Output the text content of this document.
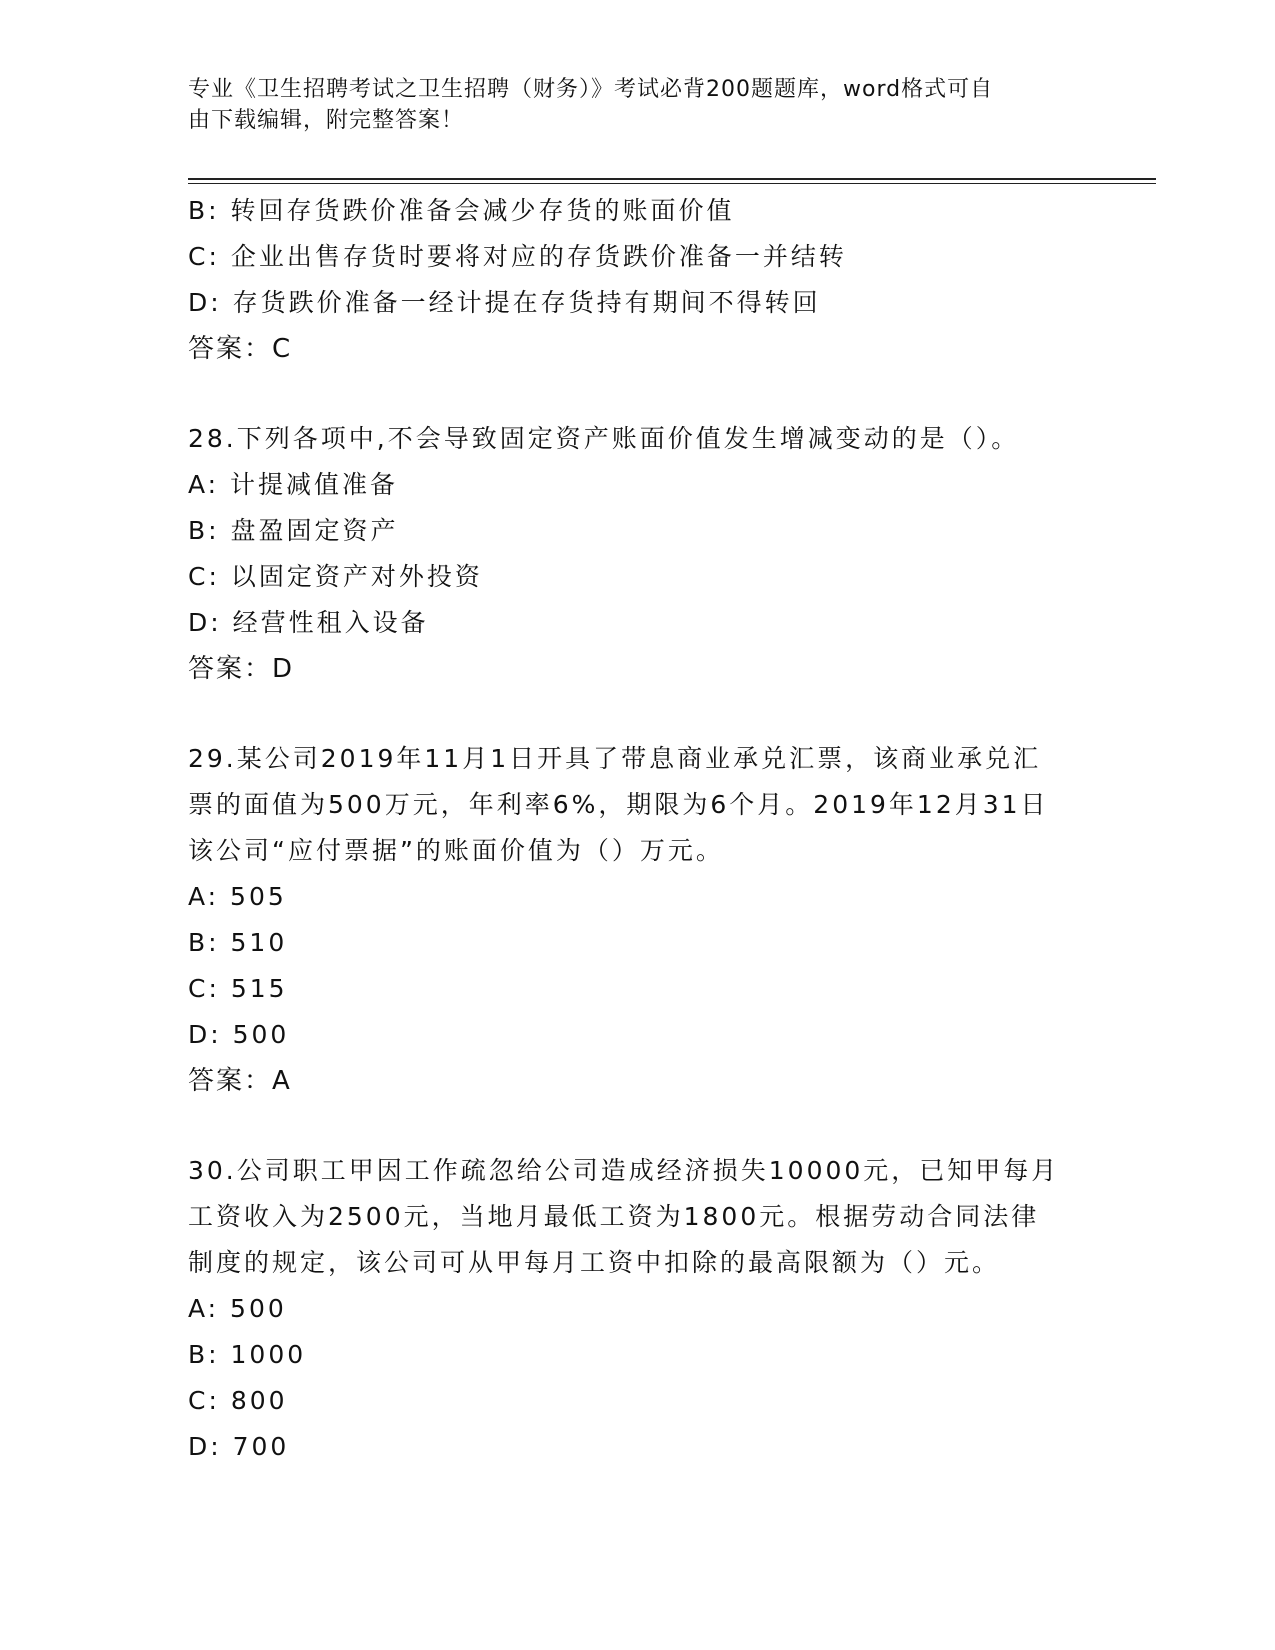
专业《卫生招聘考试之卫生招聘（财务）》考试必背200题题库，word格式可自
由下载编辑，附完整答案！
B: 转回存货跌价准备会减少存货的账面价值
C: 企业出售存货时要将对应的存货跌价准备一并结转
D: 存货跌价准备一经计提在存货持有期间不得转回
答案：C
28.下列各项中,不会导致固定资产账面价值发生增减变动的是（）。
A: 计提减值准备
B: 盘盈固定资产
C: 以固定资产对外投资
D: 经营性租入设备
答案：D
29.某公司2019年11月1日开具了带息商业承兑汇票，该商业承兑汇
票的面值为500万元，年利率6%，期限为6个月。2019年12月31日
该公司“应付票据”的账面价值为（）万元。
A: 505
B: 510
C: 515
D: 500
答案：A
30.公司职工甲因工作疏忽给公司造成经济损失10000元，已知甲每月
工资收入为2500元，当地月最低工资为1800元。根据劳动合同法律
制度的规定，该公司可从甲每月工资中扣除的最高限额为（）元。
A: 500
B: 1000
C: 800
D: 700
